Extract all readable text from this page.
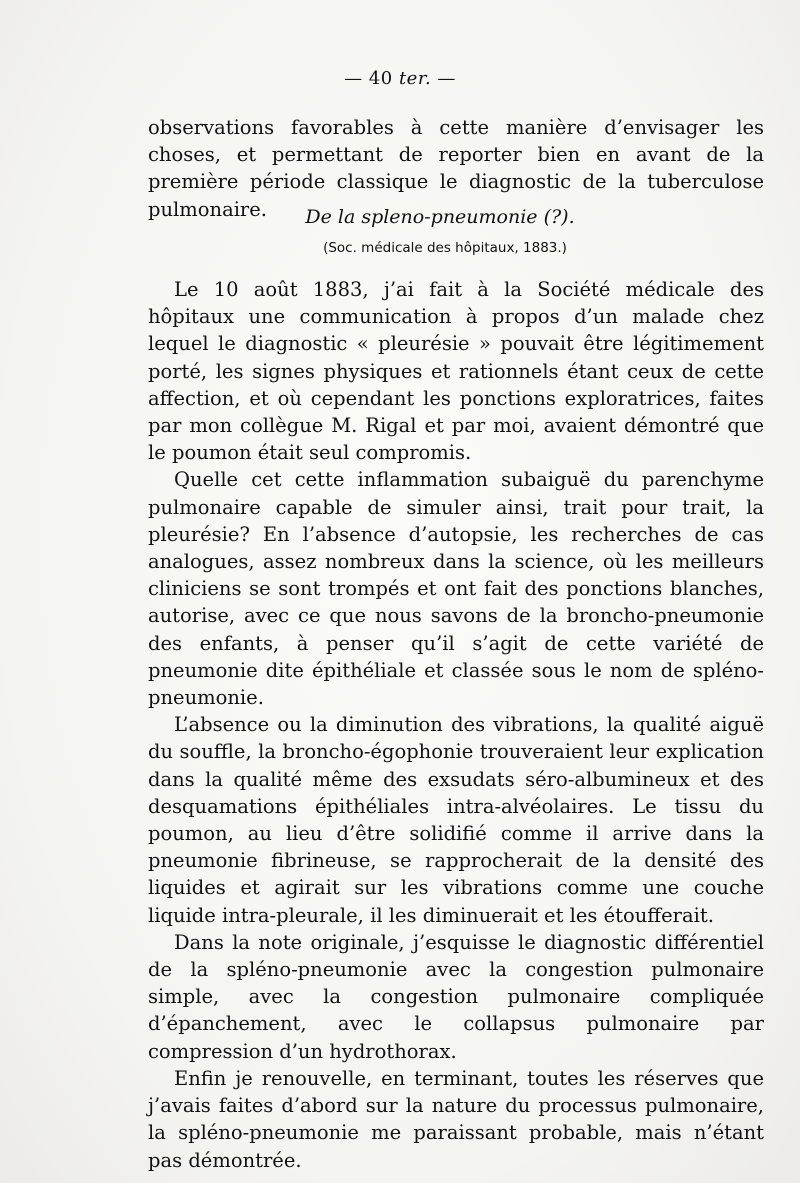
— 40 ter. —

observations favorables à cette manière d’envisager les choses, et permettant de reporter bien en avant de la première période classique le diagnostic de la tuberculose pulmonaire.	De la spleno-pneumonie (?).
(Soc. médicale des hôpitaux, 1883.)

Le 10 août 1883, j’ai fait à la Société médicale des hôpitaux une communication à propos d’un malade chez lequel le diagnostic « pleurésie » pouvait être légitimement porté, les signes physiques et rationnels étant ceux de cette affection, et où cependant les ponctions exploratrices, faites par mon collègue M. Rigal et par moi, avaient démontré que le poumon était seul compromis.

Quelle cet cette inflammation subaiguë du parenchyme pulmonaire capable de simuler ainsi, trait pour trait, la pleurésie? En l’absence d’autopsie, les recherches de cas analogues, assez nombreux dans la science, où les meilleurs cliniciens se sont trompés et ont fait des ponctions blanches, autorise, avec ce que nous savons de la broncho-pneumonie des enfants, à penser qu’il s’agit de cette variété de pneumonie dite épithéliale et classée sous le nom de spléno-pneumonie.

L’absence ou la diminution des vibrations, la qualité aiguë du souffle, la broncho-égophonie trouveraient leur explication dans la qualité même des exsudats séro-albumineux et des desquamations épithéliales intra-alvéolaires. Le tissu du poumon, au lieu d’être solidifié comme il arrive dans la pneumonie fibrineuse, se rapprocherait de la densité des liquides et agirait sur les vibrations comme une couche liquide intra-pleurale, il les diminuerait et les étoufferait.

Dans la note originale, j’esquisse le diagnostic différentiel de la spléno-pneumonie avec la congestion pulmonaire simple, avec la congestion pulmonaire compliquée d’épanchement, avec le collapsus pulmonaire par compression d’un hydrothorax.

Enfin je renouvelle, en terminant, toutes les réserves que j’avais faites d’abord sur la nature du processus pulmonaire, la spléno-pneumonie me paraissant probable, mais n’étant pas démontrée.
